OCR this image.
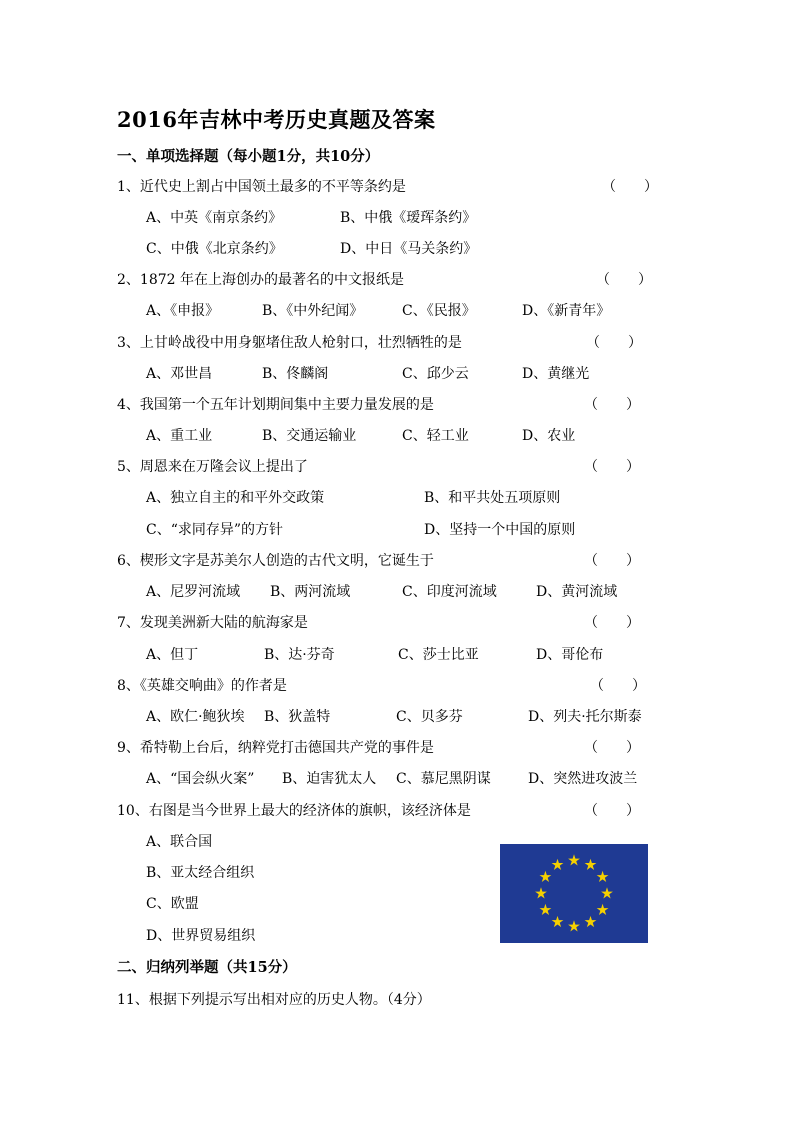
2016年吉林中考历史真题及答案
一、单项选择题（每小题1分，共10分）
1、近代史上割占中国领土最多的不平等条约是	（　　）
A、中英《南京条约》	B、中俄《瑷珲条约》
C、中俄《北京条约》	D、中日《马关条约》
2、1872 年在上海创办的最著名的中文报纸是	（　　）
A、《申报》	B、《中外纪闻》	C、《民报》	D、《新青年》
3、上甘岭战役中用身躯堵住敌人枪射口，壮烈牺牲的是	（　　）
A、邓世昌	B、佟麟阁	C、邱少云	D、黄继光
4、我国第一个五年计划期间集中主要力量发展的是	（　　）
A、重工业	B、交通运输业	C、轻工业	D、农业
5、周恩来在万隆会议上提出了	（　　）
A、独立自主的和平外交政策	B、和平共处五项原则
C、“求同存异”的方针	D、坚持一个中国的原则
6、楔形文字是苏美尔人创造的古代文明，它诞生于	（　　）
A、尼罗河流域 B、两河流域	C、印度河流域	D、黄河流域
7、发现美洲新大陆的航海家是	（　　）
A、但丁	B、达·芬奇	C、莎士比亚	D、哥伦布
8、《英雄交响曲》的作者是	（　　）
A、欧仁·鲍狄埃 B、狄盖特	C、贝多芬	D、列夫·托尔斯泰
9、希特勒上台后，纳粹党打击德国共产党的事件是	（　　）
A、“国会纵火案” B、迫害犹太人 C、慕尼黑阴谋	D、突然进攻波兰
10、右图是当今世界上最大的经济体的旗帜，该经济体是	（　　）
A、联合国
B、亚太经合组织
C、欧盟
D、世界贸易组织
二、归纳列举题（共15分）
11、根据下列提示写出相对应的历史人物。（4分）
